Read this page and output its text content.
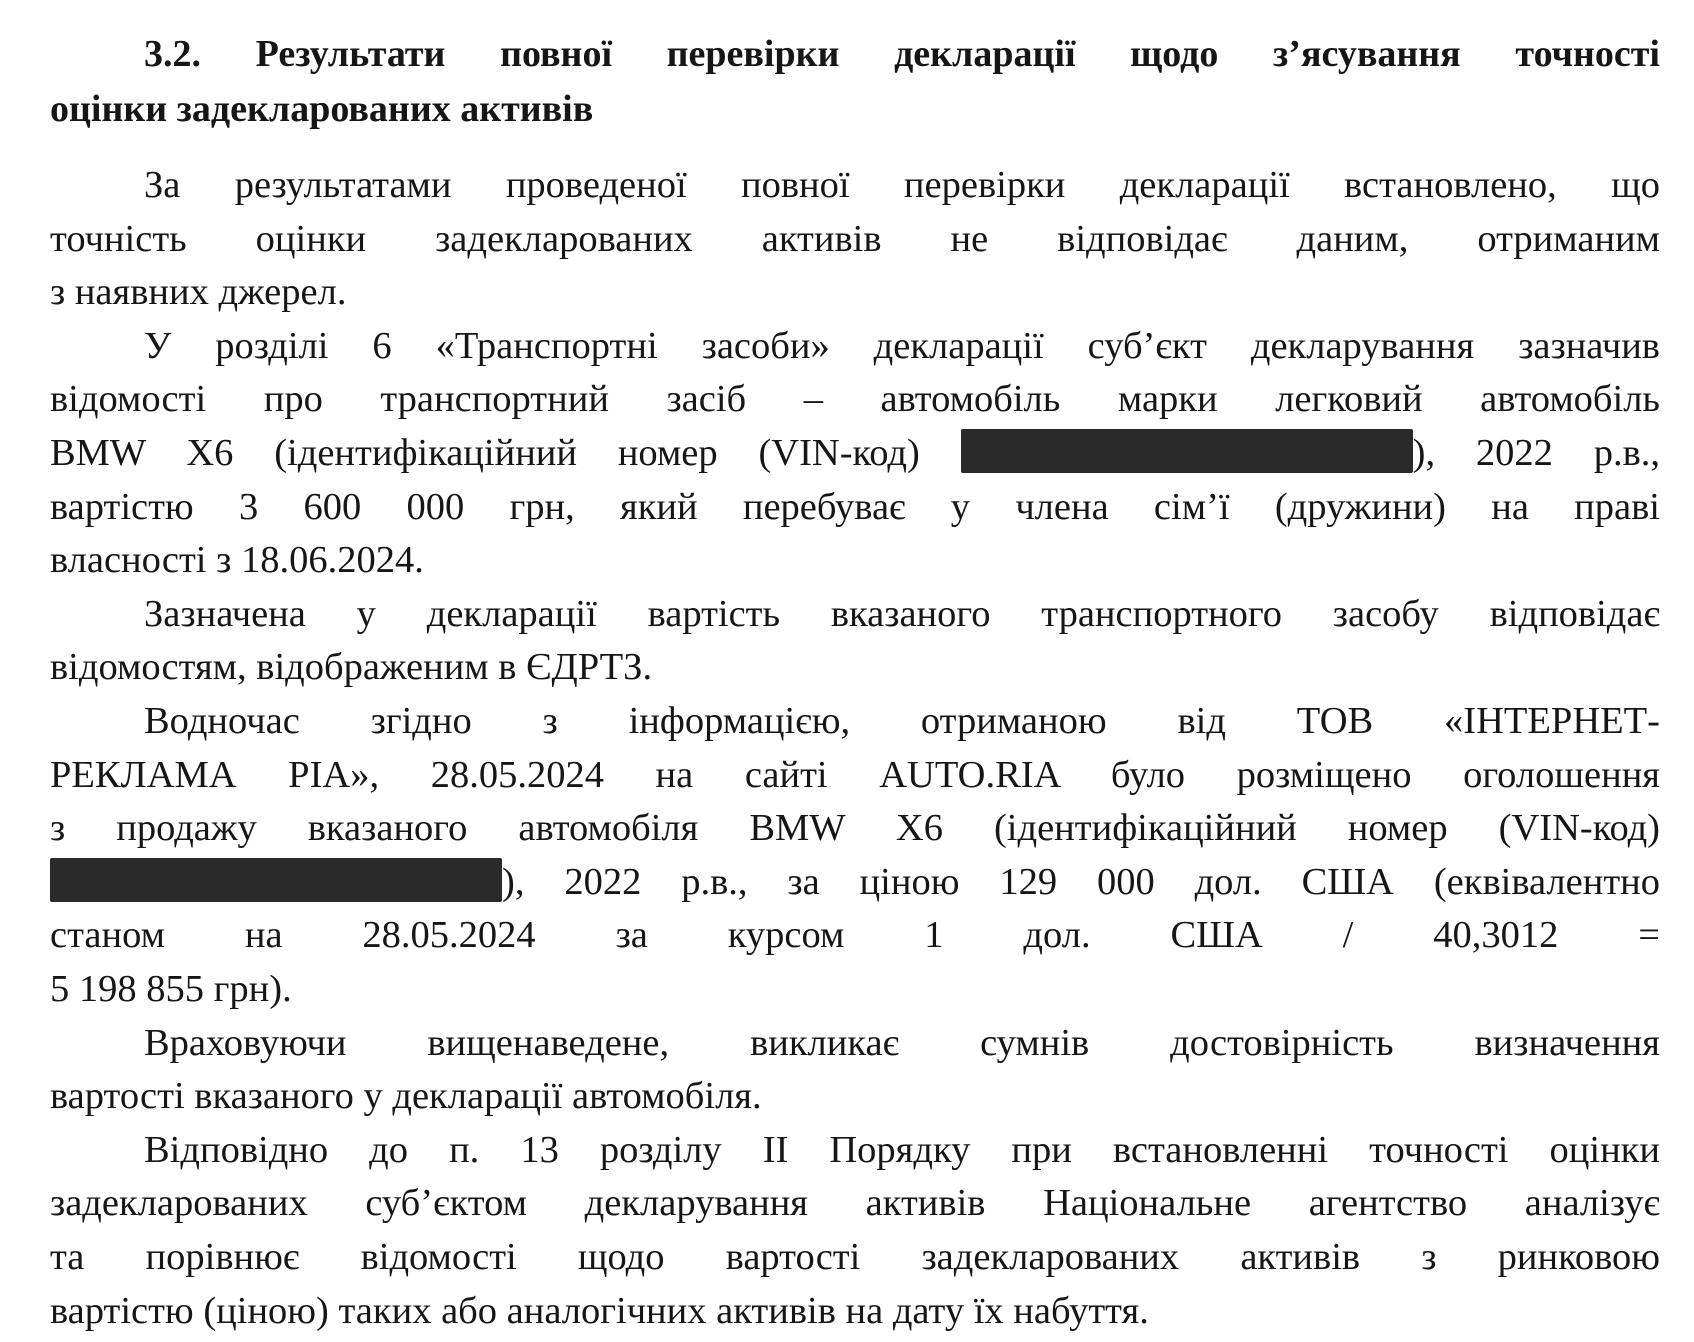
3.2. Результати повної перевірки декларації щодо з’ясування точності
оцінки задекларованих активів
За результатами проведеної повної перевірки декларації встановлено, що
точність оцінки задекларованих активів не відповідає даним, отриманим
з наявних джерел.
У розділі 6 «Транспортні засоби» декларації суб’єкт декларування зазначив
відомості про транспортний засіб – автомобіль марки легковий автомобіль
BMW X6 (ідентифікаційний номер (VIN-код)	), 2022 р.в.,
вартістю 3 600 000 грн, який перебуває у члена сім’ї (дружини) на праві
власності з 18.06.2024.
Зазначена у декларації вартість вказаного транспортного засобу відповідає
відомостям, відображеним в ЄДРТЗ.
Водночас згідно з інформацією, отриманою від ТОВ «ІНТЕРНЕТ-
РЕКЛАМА РІА», 28.05.2024 на сайті AUTO.RIA було розміщено оголошення
з продажу вказаного автомобіля BMW X6 (ідентифікаційний номер (VIN-код)
), 2022 р.в., за ціною 129 000 дол. США (еквівалентно
станом на 28.05.2024 за курсом 1 дол. США / 40,3012 =
5 198 855 грн).
Враховуючи вищенаведене, викликає сумнів достовірність визначення
вартості вказаного у декларації автомобіля.
Відповідно до п. 13 розділу ІІ Порядку при встановленні точності оцінки
задекларованих суб’єктом декларування активів Національне агентство аналізує
та порівнює відомості щодо вартості задекларованих активів з ринковою
вартістю (ціною) таких або аналогічних активів на дату їх набуття.
